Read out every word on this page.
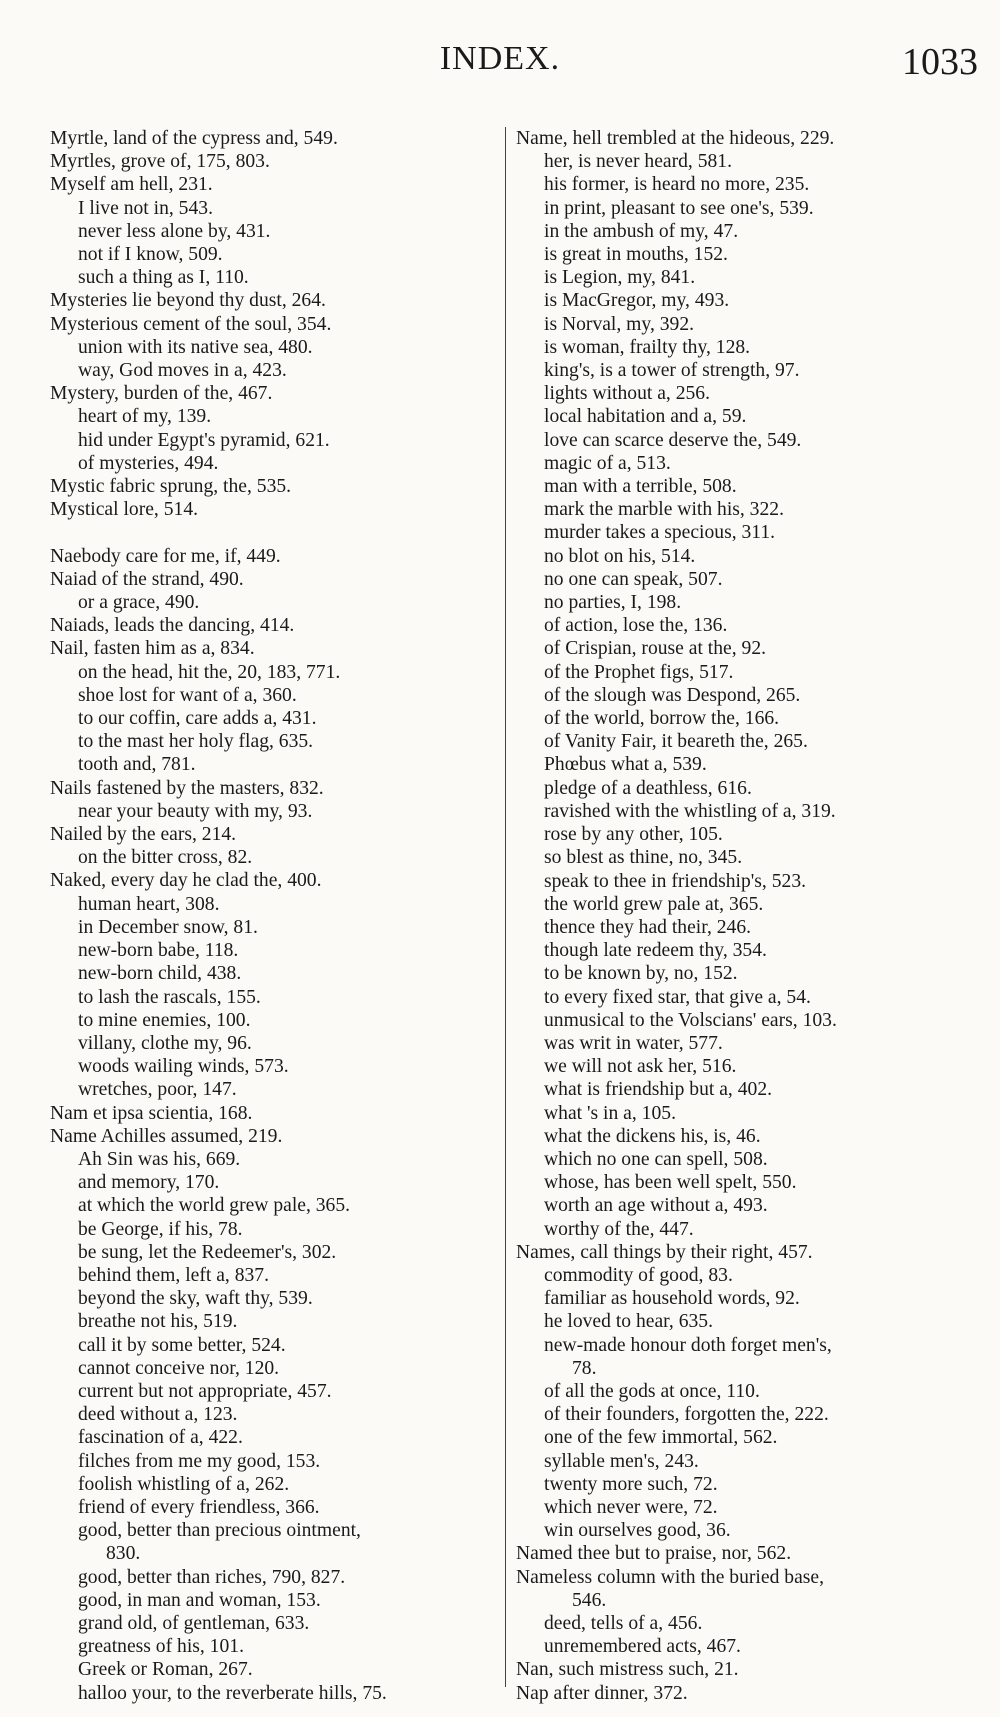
INDEX.	1033
Myrtle, land of the cypress and, 549.
Myrtles, grove of, 175, 803.
Myself am hell, 231.
I live not in, 543.
never less alone by, 431.
not if I know, 509.
such a thing as I, 110.
Mysteries lie beyond thy dust, 264.
Mysterious cement of the soul, 354.
union with its native sea, 480.
way, God moves in a, 423.
Mystery, burden of the, 467.
heart of my, 139.
hid under Egypt's pyramid, 621.
of mysteries, 494.
Mystic fabric sprung, the, 535.
Mystical lore, 514.
Naebody care for me, if, 449.
Naiad of the strand, 490.
or a grace, 490.
Naiads, leads the dancing, 414.
Nail, fasten him as a, 834.
on the head, hit the, 20, 183, 771.
shoe lost for want of a, 360.
to our coffin, care adds a, 431.
to the mast her holy flag, 635.
tooth and, 781.
Nails fastened by the masters, 832.
near your beauty with my, 93.
Nailed by the ears, 214.
on the bitter cross, 82.
Naked, every day he clad the, 400.
human heart, 308.
in December snow, 81.
new-born babe, 118.
new-born child, 438.
to lash the rascals, 155.
to mine enemies, 100.
villany, clothe my, 96.
woods wailing winds, 573.
wretches, poor, 147.
Nam et ipsa scientia, 168.
Name Achilles assumed, 219.
Ah Sin was his, 669.
and memory, 170.
at which the world grew pale, 365.
be George, if his, 78.
be sung, let the Redeemer's, 302.
behind them, left a, 837.
beyond the sky, waft thy, 539.
breathe not his, 519.
call it by some better, 524.
cannot conceive nor, 120.
current but not appropriate, 457.
deed without a, 123.
fascination of a, 422.
filches from me my good, 153.
foolish whistling of a, 262.
friend of every friendless, 366.
good, better than precious ointment,
830.
good, better than riches, 790, 827.
good, in man and woman, 153.
grand old, of gentleman, 633.
greatness of his, 101.
Greek or Roman, 267.
halloo your, to the reverberate hills, 75.
Name, hell trembled at the hideous, 229.
her, is never heard, 581.
his former, is heard no more, 235.
in print, pleasant to see one's, 539.
in the ambush of my, 47.
is great in mouths, 152.
is Legion, my, 841.
is MacGregor, my, 493.
is Norval, my, 392.
is woman, frailty thy, 128.
king's, is a tower of strength, 97.
lights without a, 256.
local habitation and a, 59.
love can scarce deserve the, 549.
magic of a, 513.
man with a terrible, 508.
mark the marble with his, 322.
murder takes a specious, 311.
no blot on his, 514.
no one can speak, 507.
no parties, I, 198.
of action, lose the, 136.
of Crispian, rouse at the, 92.
of the Prophet figs, 517.
of the slough was Despond, 265.
of the world, borrow the, 166.
of Vanity Fair, it beareth the, 265.
Phœbus what a, 539.
pledge of a deathless, 616.
ravished with the whistling of a, 319.
rose by any other, 105.
so blest as thine, no, 345.
speak to thee in friendship's, 523.
the world grew pale at, 365.
thence they had their, 246.
though late redeem thy, 354.
to be known by, no, 152.
to every fixed star, that give a, 54.
unmusical to the Volscians' ears, 103.
was writ in water, 577.
we will not ask her, 516.
what is friendship but a, 402.
what 's in a, 105.
what the dickens his, is, 46.
which no one can spell, 508.
whose, has been well spelt, 550.
worth an age without a, 493.
worthy of the, 447.
Names, call things by their right, 457.
commodity of good, 83.
familiar as household words, 92.
he loved to hear, 635.
new-made honour doth forget men's,
78.
of all the gods at once, 110.
of their founders, forgotten the, 222.
one of the few immortal, 562.
syllable men's, 243.
twenty more such, 72.
which never were, 72.
win ourselves good, 36.
Named thee but to praise, nor, 562.
Nameless column with the buried base,
546.
deed, tells of a, 456.
unremembered acts, 467.
Nan, such mistress such, 21.
Nap after dinner, 372.
